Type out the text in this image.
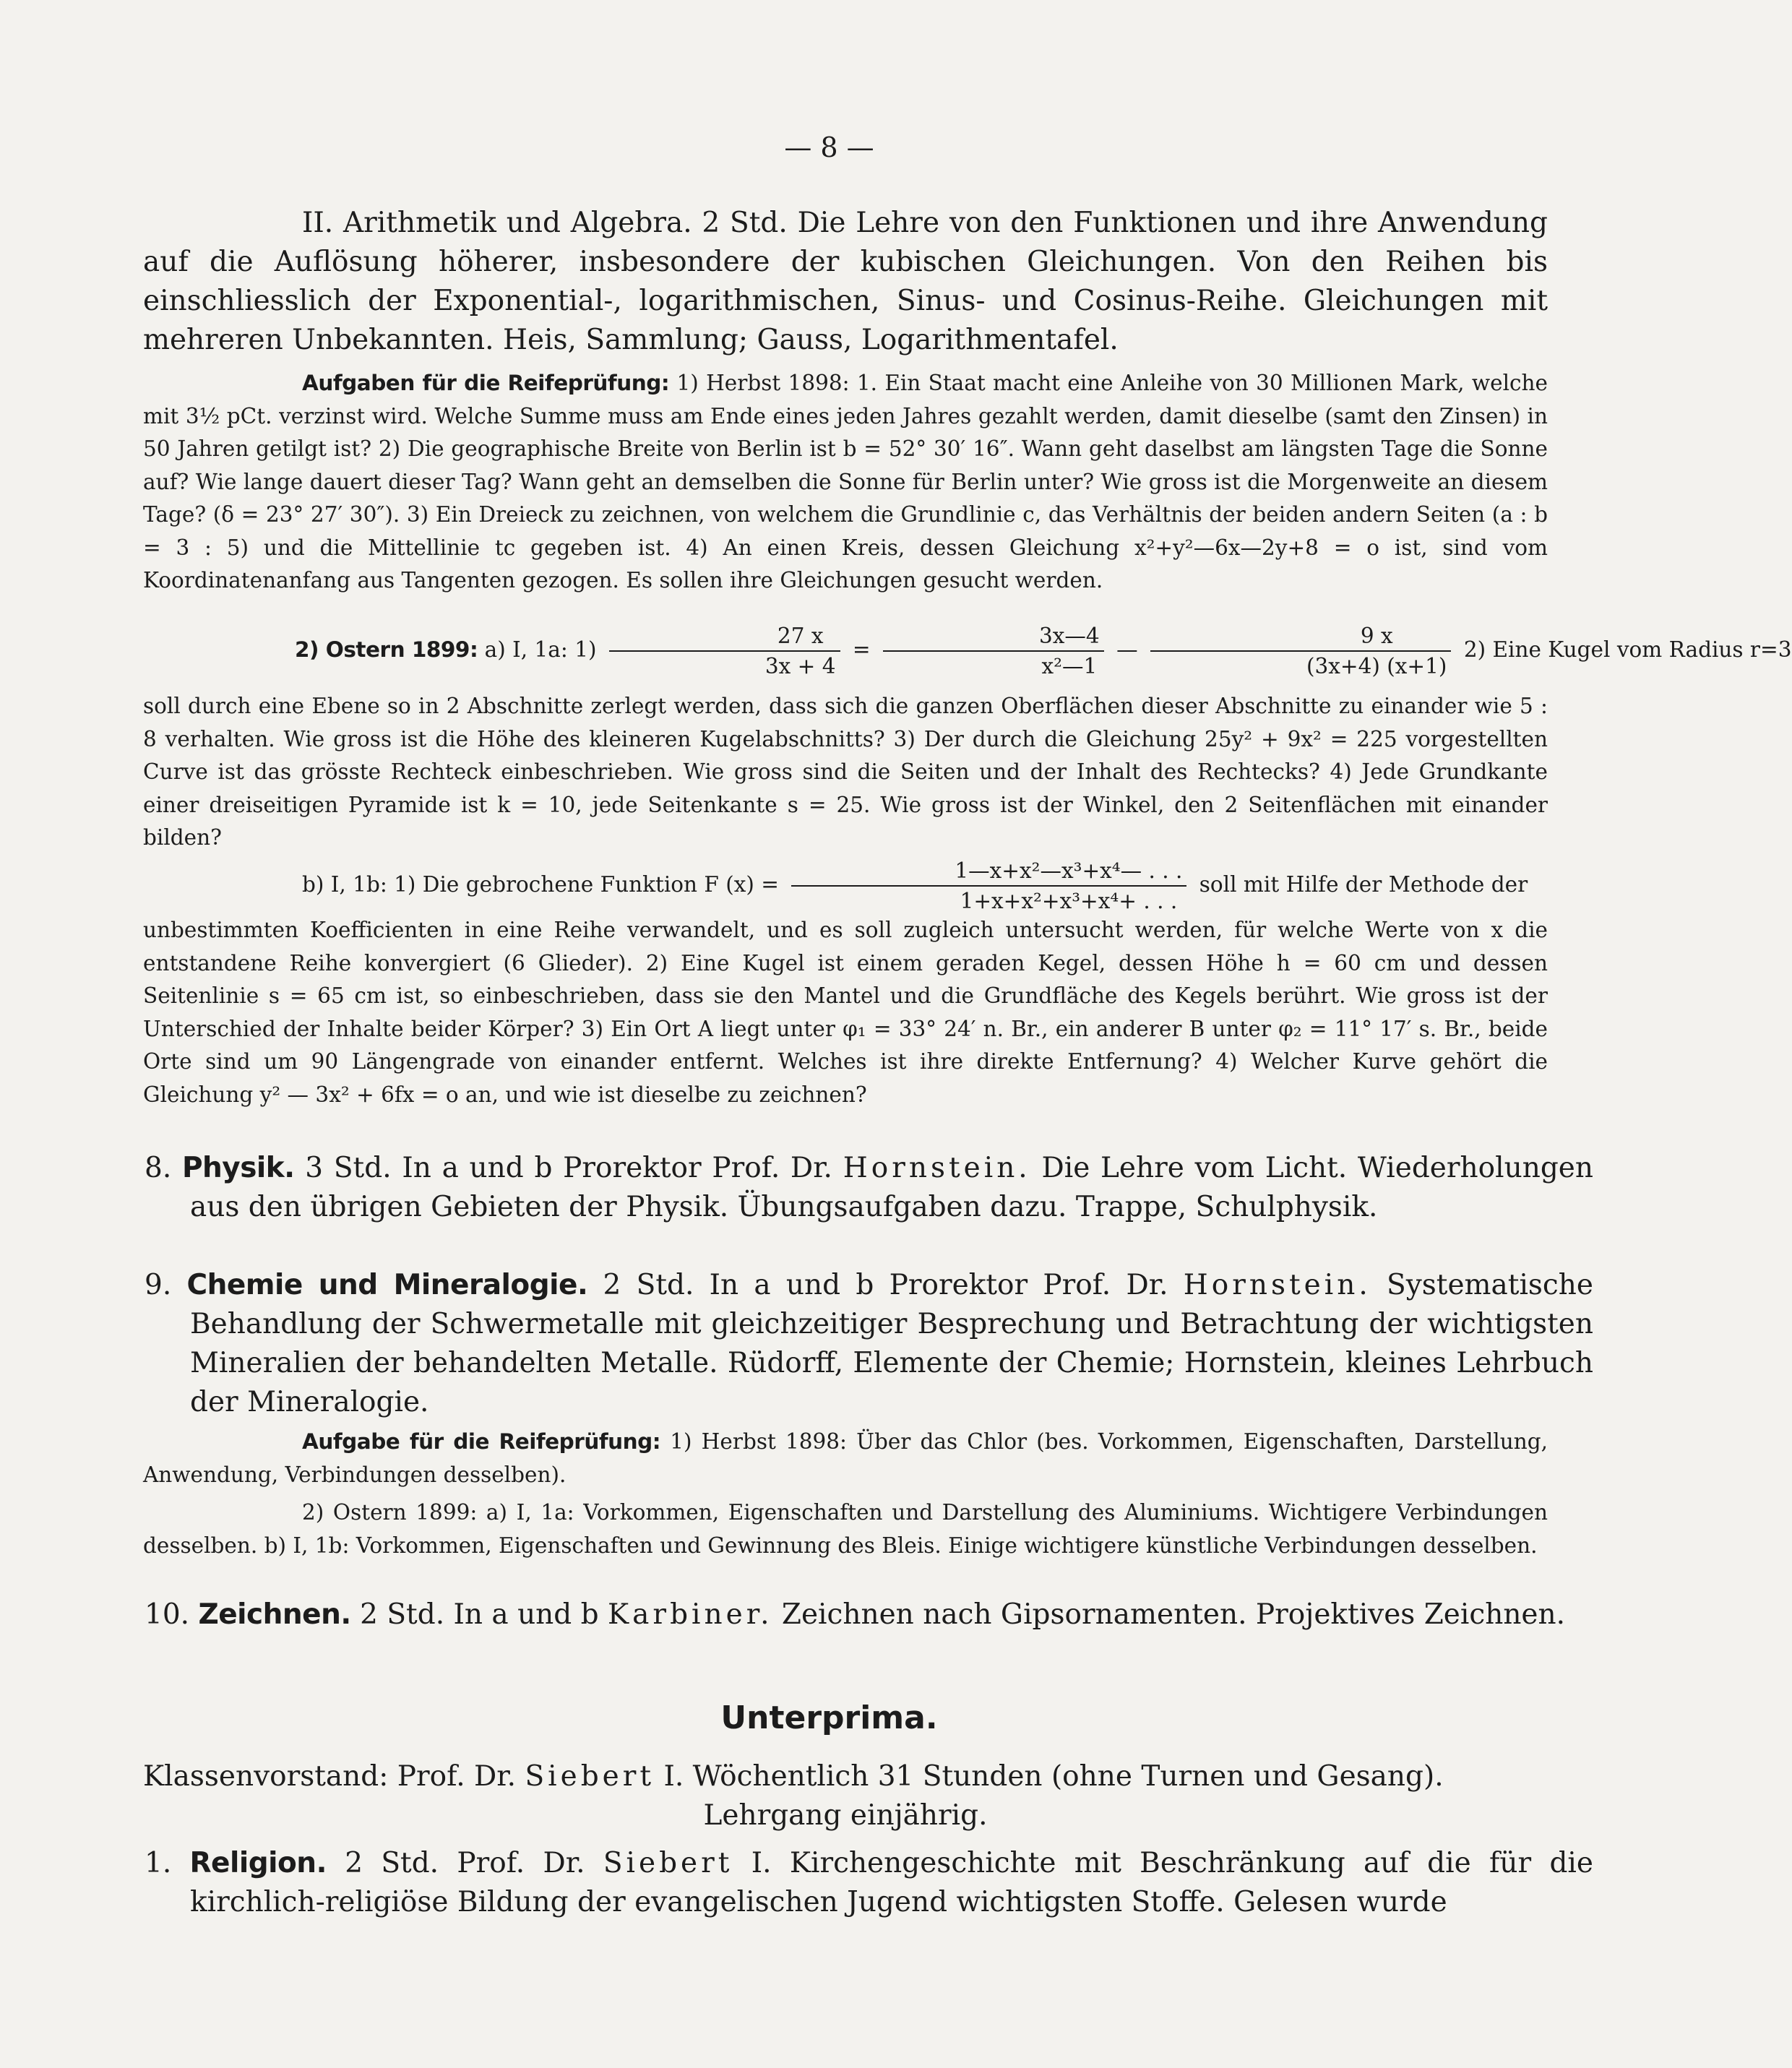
— 8 —
II. Arithmetik und Algebra. 2 Std. Die Lehre von den Funktionen und ihre Anwendung auf die Auflösung höherer, insbesondere der kubischen Gleichungen. Von den Reihen bis einschliesslich der Exponential-, logarithmischen, Sinus- und Cosinus-Reihe. Gleichungen mit mehreren Unbekannten. Heis, Sammlung; Gauss, Logarithmentafel.
Aufgaben für die Reifeprüfung: 1) Herbst 1898: 1. Ein Staat macht eine Anleihe von 30 Millionen Mark, welche mit 3½ pCt. verzinst wird. Welche Summe muss am Ende eines jeden Jahres gezahlt werden, damit dieselbe (samt den Zinsen) in 50 Jahren getilgt ist? 2) Die geographische Breite von Berlin ist b = 52° 30′ 16″. Wann geht daselbst am längsten Tage die Sonne auf? Wie lange dauert dieser Tag? Wann geht an demselben die Sonne für Berlin unter? Wie gross ist die Morgenweite an diesem Tage? (δ = 23° 27′ 30″). 3) Ein Dreieck zu zeichnen, von welchem die Grundlinie c, das Verhältnis der beiden andern Seiten (a : b = 3 : 5) und die Mittellinie tc gegeben ist. 4) An einen Kreis, dessen Gleichung x²+y²—6x—2y+8 = o ist, sind vom Koordinatenanfang aus Tangenten gezogen. Es sollen ihre Gleichungen gesucht werden.
2) Ostern 1899: a) I, 1a: $1) \frac{27 x}{3x + 4} = \frac{3x—4}{\text{x²—1}}$ — $\frac{9 x}{(3x+4) (x+1)} 2$) Eine Kugel vom Radius r=3
soll durch eine Ebene so in 2 Abschnitte zerlegt werden, dass sich die ganzen Oberflächen dieser Abschnitte zu einander wie 5 : 8 verhalten. Wie gross ist die Höhe des kleineren Kugelabschnitts? 3) Der durch die Gleichung 25y² + 9x² = 225 vorgestellten Curve ist das grösste Rechteck einbeschrieben. Wie gross sind die Seiten und der Inhalt des Rechtecks? 4) Jede Grundkante einer dreiseitigen Pyramide ist k = 10, jede Seitenkante s = 25. Wie gross ist der Winkel, den 2 Seitenflächen mit einander bilden?
b) I, 1b: 1) Die gebrochene Funktion F $(x) = \frac{\text{1—x+x²—x³+x⁴— . . .}}{\text{1+x+x²+x³+x⁴+ . . .}}$ soll mit Hilfe der Methode der
unbestimmten Koefficienten in eine Reihe verwandelt, und es soll zugleich untersucht werden, für welche Werte von x die entstandene Reihe konvergiert (6 Glieder). 2) Eine Kugel ist einem geraden Kegel, dessen Höhe h = 60 cm und dessen Seitenlinie s = 65 cm ist, so einbeschrieben, dass sie den Mantel und die Grundfläche des Kegels berührt. Wie gross ist der Unterschied der Inhalte beider Körper? 3) Ein Ort A liegt unter φ₁ = 33° 24′ n. Br., ein anderer B unter φ₂ = 11° 17′ s. Br., beide Orte sind um 90 Längengrade von einander entfernt. Welches ist ihre direkte Entfernung? 4) Welcher Kurve gehört die Gleichung y² — 3x² + 6fx = o an, und wie ist dieselbe zu zeichnen?
8. Physik. 3 Std. In a und b Prorektor Prof. Dr. Hornstein. Die Lehre vom Licht. Wiederholungen aus den übrigen Gebieten der Physik. Übungsaufgaben dazu. Trappe, Schulphysik.
9. Chemie und Mineralogie. 2 Std. In a und b Prorektor Prof. Dr. Hornstein. Systematische Behandlung der Schwermetalle mit gleichzeitiger Besprechung und Betrachtung der wichtigsten Mineralien der behandelten Metalle. Rüdorff, Elemente der Chemie; Hornstein, kleines Lehrbuch der Mineralogie.
Aufgabe für die Reifeprüfung: 1) Herbst 1898: Über das Chlor (bes. Vorkommen, Eigenschaften, Darstellung, Anwendung, Verbindungen desselben).
2) Ostern 1899: a) I, 1a: Vorkommen, Eigenschaften und Darstellung des Aluminiums. Wichtigere Verbindungen desselben. b) I, 1b: Vorkommen, Eigenschaften und Gewinnung des Bleis. Einige wichtigere künstliche Verbindungen desselben.
10. Zeichnen. 2 Std. In a und b Karbiner. Zeichnen nach Gipsornamenten. Projektives Zeichnen.
Unterprima.
Klassenvorstand: Prof. Dr. Siebert I. Wöchentlich 31 Stunden (ohne Turnen und Gesang).
Lehrgang einjährig.
1. Religion. 2 Std. Prof. Dr. Siebert I. Kirchengeschichte mit Beschränkung auf die für die kirchlich-religiöse Bildung der evangelischen Jugend wichtigsten Stoffe. Gelesen wurde
